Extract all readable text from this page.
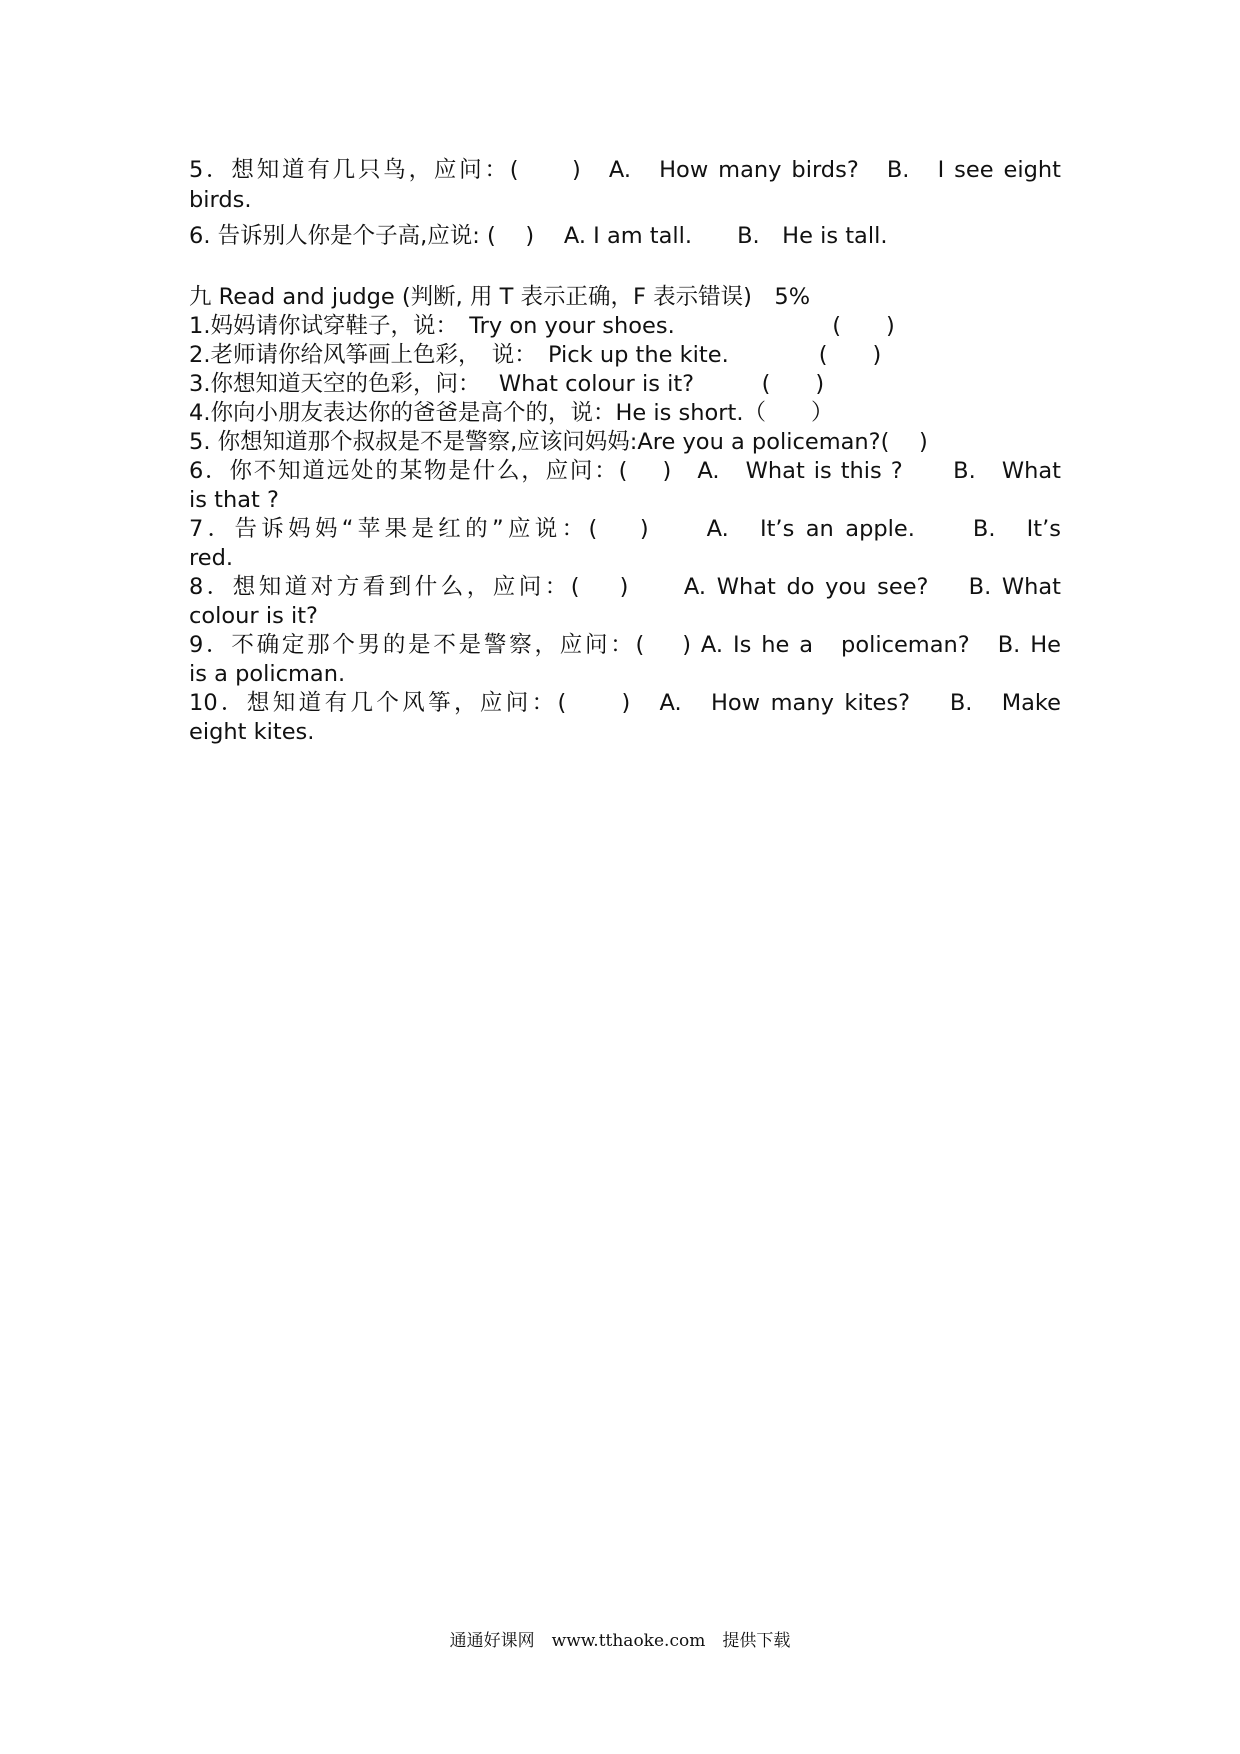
5．想知道有几只鸟，应问：(　　)　A.　How many birds?　B.　I see eight
birds.
6. 告诉别人你是个子高,应说: (　 )　 A. I am tall.　　B.　He is tall.
九 Read and judge (判断, 用 T 表示正确，F 表示错误)　5%
1.妈妈请你试穿鞋子，说：　Try on your shoes.　　　　　　　(　　)
2.老师请你给风筝画上色彩，　说：　Pick up the kite.　　　　(　　)
3.你想知道天空的色彩，问：　 What colour is it?　　　(　　)
4.你向小朋友表达你的爸爸是高个的，说：He is short.（　　）
5. 你想知道那个叔叔是不是警察,应该问妈妈:Are you a policeman?(　 )
6．你不知道远处的某物是什么，应问：(　 )　A.　What is this ?　　B.　What
is that ?
7．告诉妈妈“苹果是红的”应说：(　 )　　A.　It’s an apple.　　B.　It’s
red.
8．想知道对方看到什么，应问：(　 )　　A. What do you see?　 B. What
colour is it?
9．不确定那个男的是不是警察，应问：(　 ) A. Is he a　policeman?　B. He
is a policman.
10．想知道有几个风筝，应问：(　　)　A.　How many kites?　 B.　Make
eight kites.
通通好课网　www.tthaoke.com　提供下载
